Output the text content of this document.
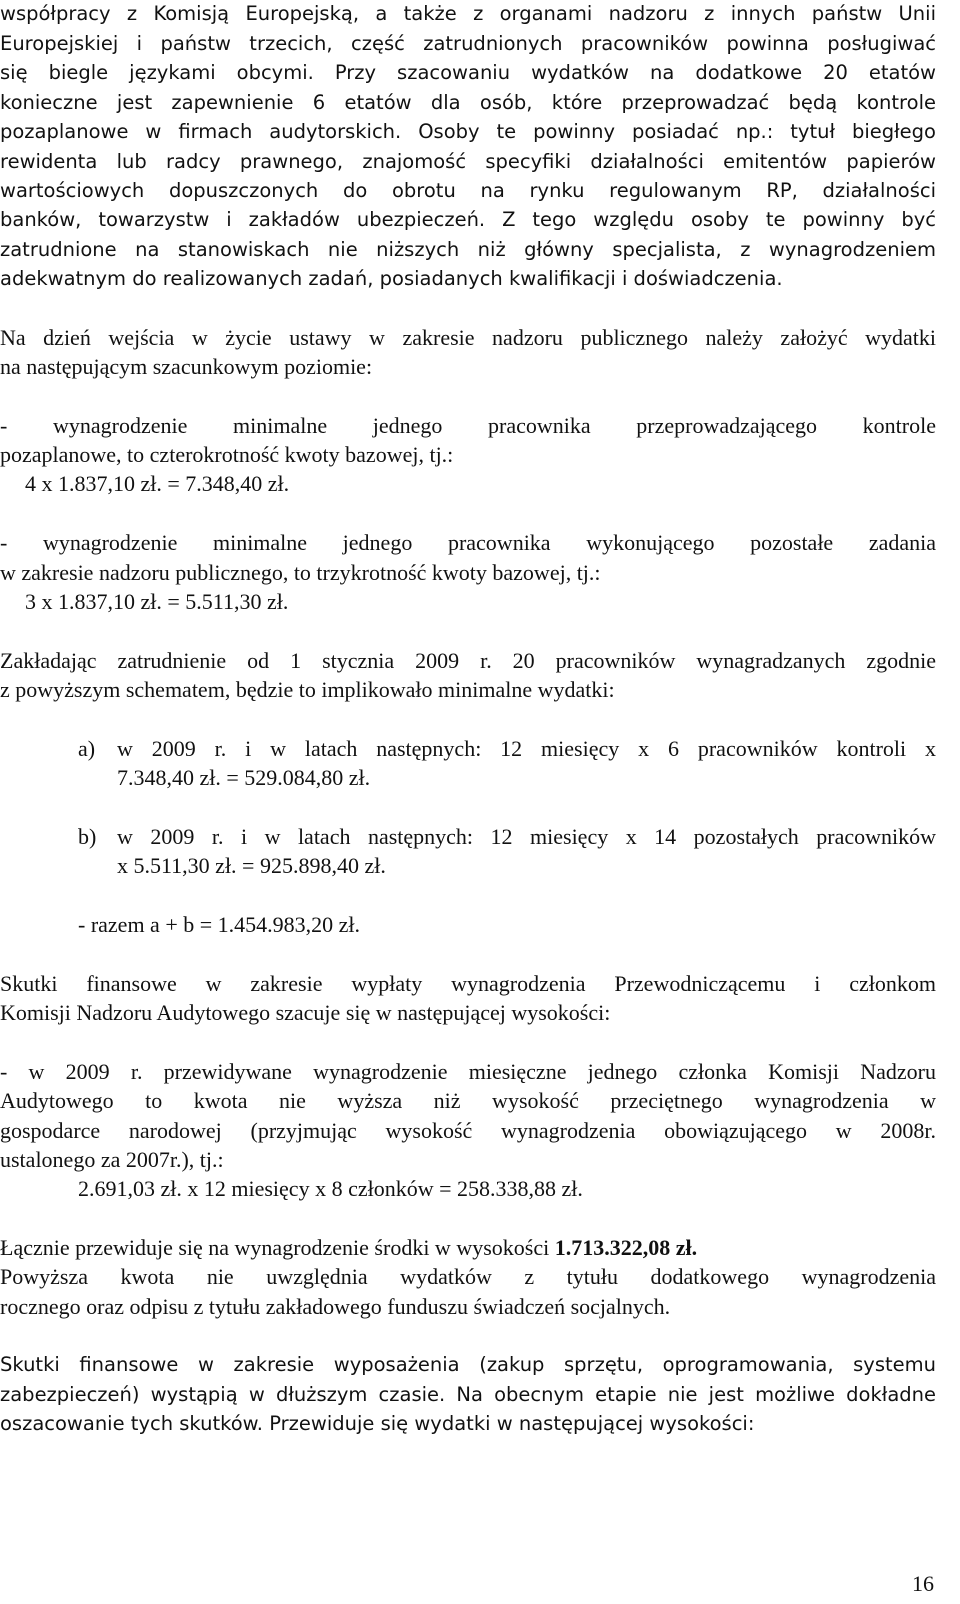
współpracy z Komisją Europejską, a także z organami nadzoru z innych państw Unii
Europejskiej i państw trzecich, część zatrudnionych pracowników powinna posługiwać
się biegle językami obcymi. Przy szacowaniu wydatków na dodatkowe 20 etatów
konieczne jest zapewnienie 6 etatów dla osób, które przeprowadzać będą kontrole
pozaplanowe w firmach audytorskich. Osoby te powinny posiadać np.: tytuł biegłego
rewidenta lub radcy prawnego, znajomość specyfiki działalności emitentów papierów
wartościowych dopuszczonych do obrotu na rynku regulowanym RP, działalności
banków, towarzystw i zakładów ubezpieczeń. Z tego względu osoby te powinny być
zatrudnione na stanowiskach nie niższych niż główny specjalista, z wynagrodzeniem
adekwatnym do realizowanych zadań, posiadanych kwalifikacji i doświadczenia.
Na dzień wejścia w życie ustawy w zakresie nadzoru publicznego należy założyć wydatki
na następującym szacunkowym poziomie:
- wynagrodzenie minimalne jednego pracownika przeprowadzającego kontrole
pozaplanowe, to czterokrotność kwoty bazowej, tj.:
4 x 1.837,10 zł. = 7.348,40 zł.
- wynagrodzenie minimalne jednego pracownika wykonującego pozostałe zadania
w zakresie nadzoru publicznego, to trzykrotność kwoty bazowej, tj.:
3 x 1.837,10 zł. = 5.511,30 zł.
Zakładając zatrudnienie od 1 stycznia 2009 r. 20 pracowników wynagradzanych zgodnie
z powyższym schematem, będzie to implikowało minimalne wydatki:
a) w 2009 r. i w latach następnych: 12 miesięcy x 6 pracowników kontroli x
7.348,40 zł. = 529.084,80 zł.
b) w 2009 r. i w latach następnych: 12 miesięcy x 14 pozostałych pracowników
x 5.511,30 zł. = 925.898,40 zł.
- razem a + b = 1.454.983,20 zł.
Skutki finansowe w zakresie wypłaty wynagrodzenia Przewodniczącemu i członkom
Komisji Nadzoru Audytowego szacuje się w następującej wysokości:
- w 2009 r. przewidywane wynagrodzenie miesięczne jednego członka Komisji Nadzoru
Audytowego to kwota nie wyższa niż wysokość przeciętnego wynagrodzenia w
gospodarce narodowej (przyjmując wysokość wynagrodzenia obowiązującego w 2008r.
ustalonego za 2007r.), tj.:
2.691,03 zł. x 12 miesięcy x 8 członków = 258.338,88 zł.
Łącznie przewiduje się na wynagrodzenie środki w wysokości 1.713.322,08 zł.
Powyższa kwota nie uwzględnia wydatków z tytułu dodatkowego wynagrodzenia
rocznego oraz odpisu z tytułu zakładowego funduszu świadczeń socjalnych.
Skutki finansowe w zakresie wyposażenia (zakup sprzętu, oprogramowania, systemu
zabezpieczeń) wystąpią w dłuższym czasie. Na obecnym etapie nie jest możliwe dokładne
oszacowanie tych skutków. Przewiduje się wydatki w następującej wysokości:
16
